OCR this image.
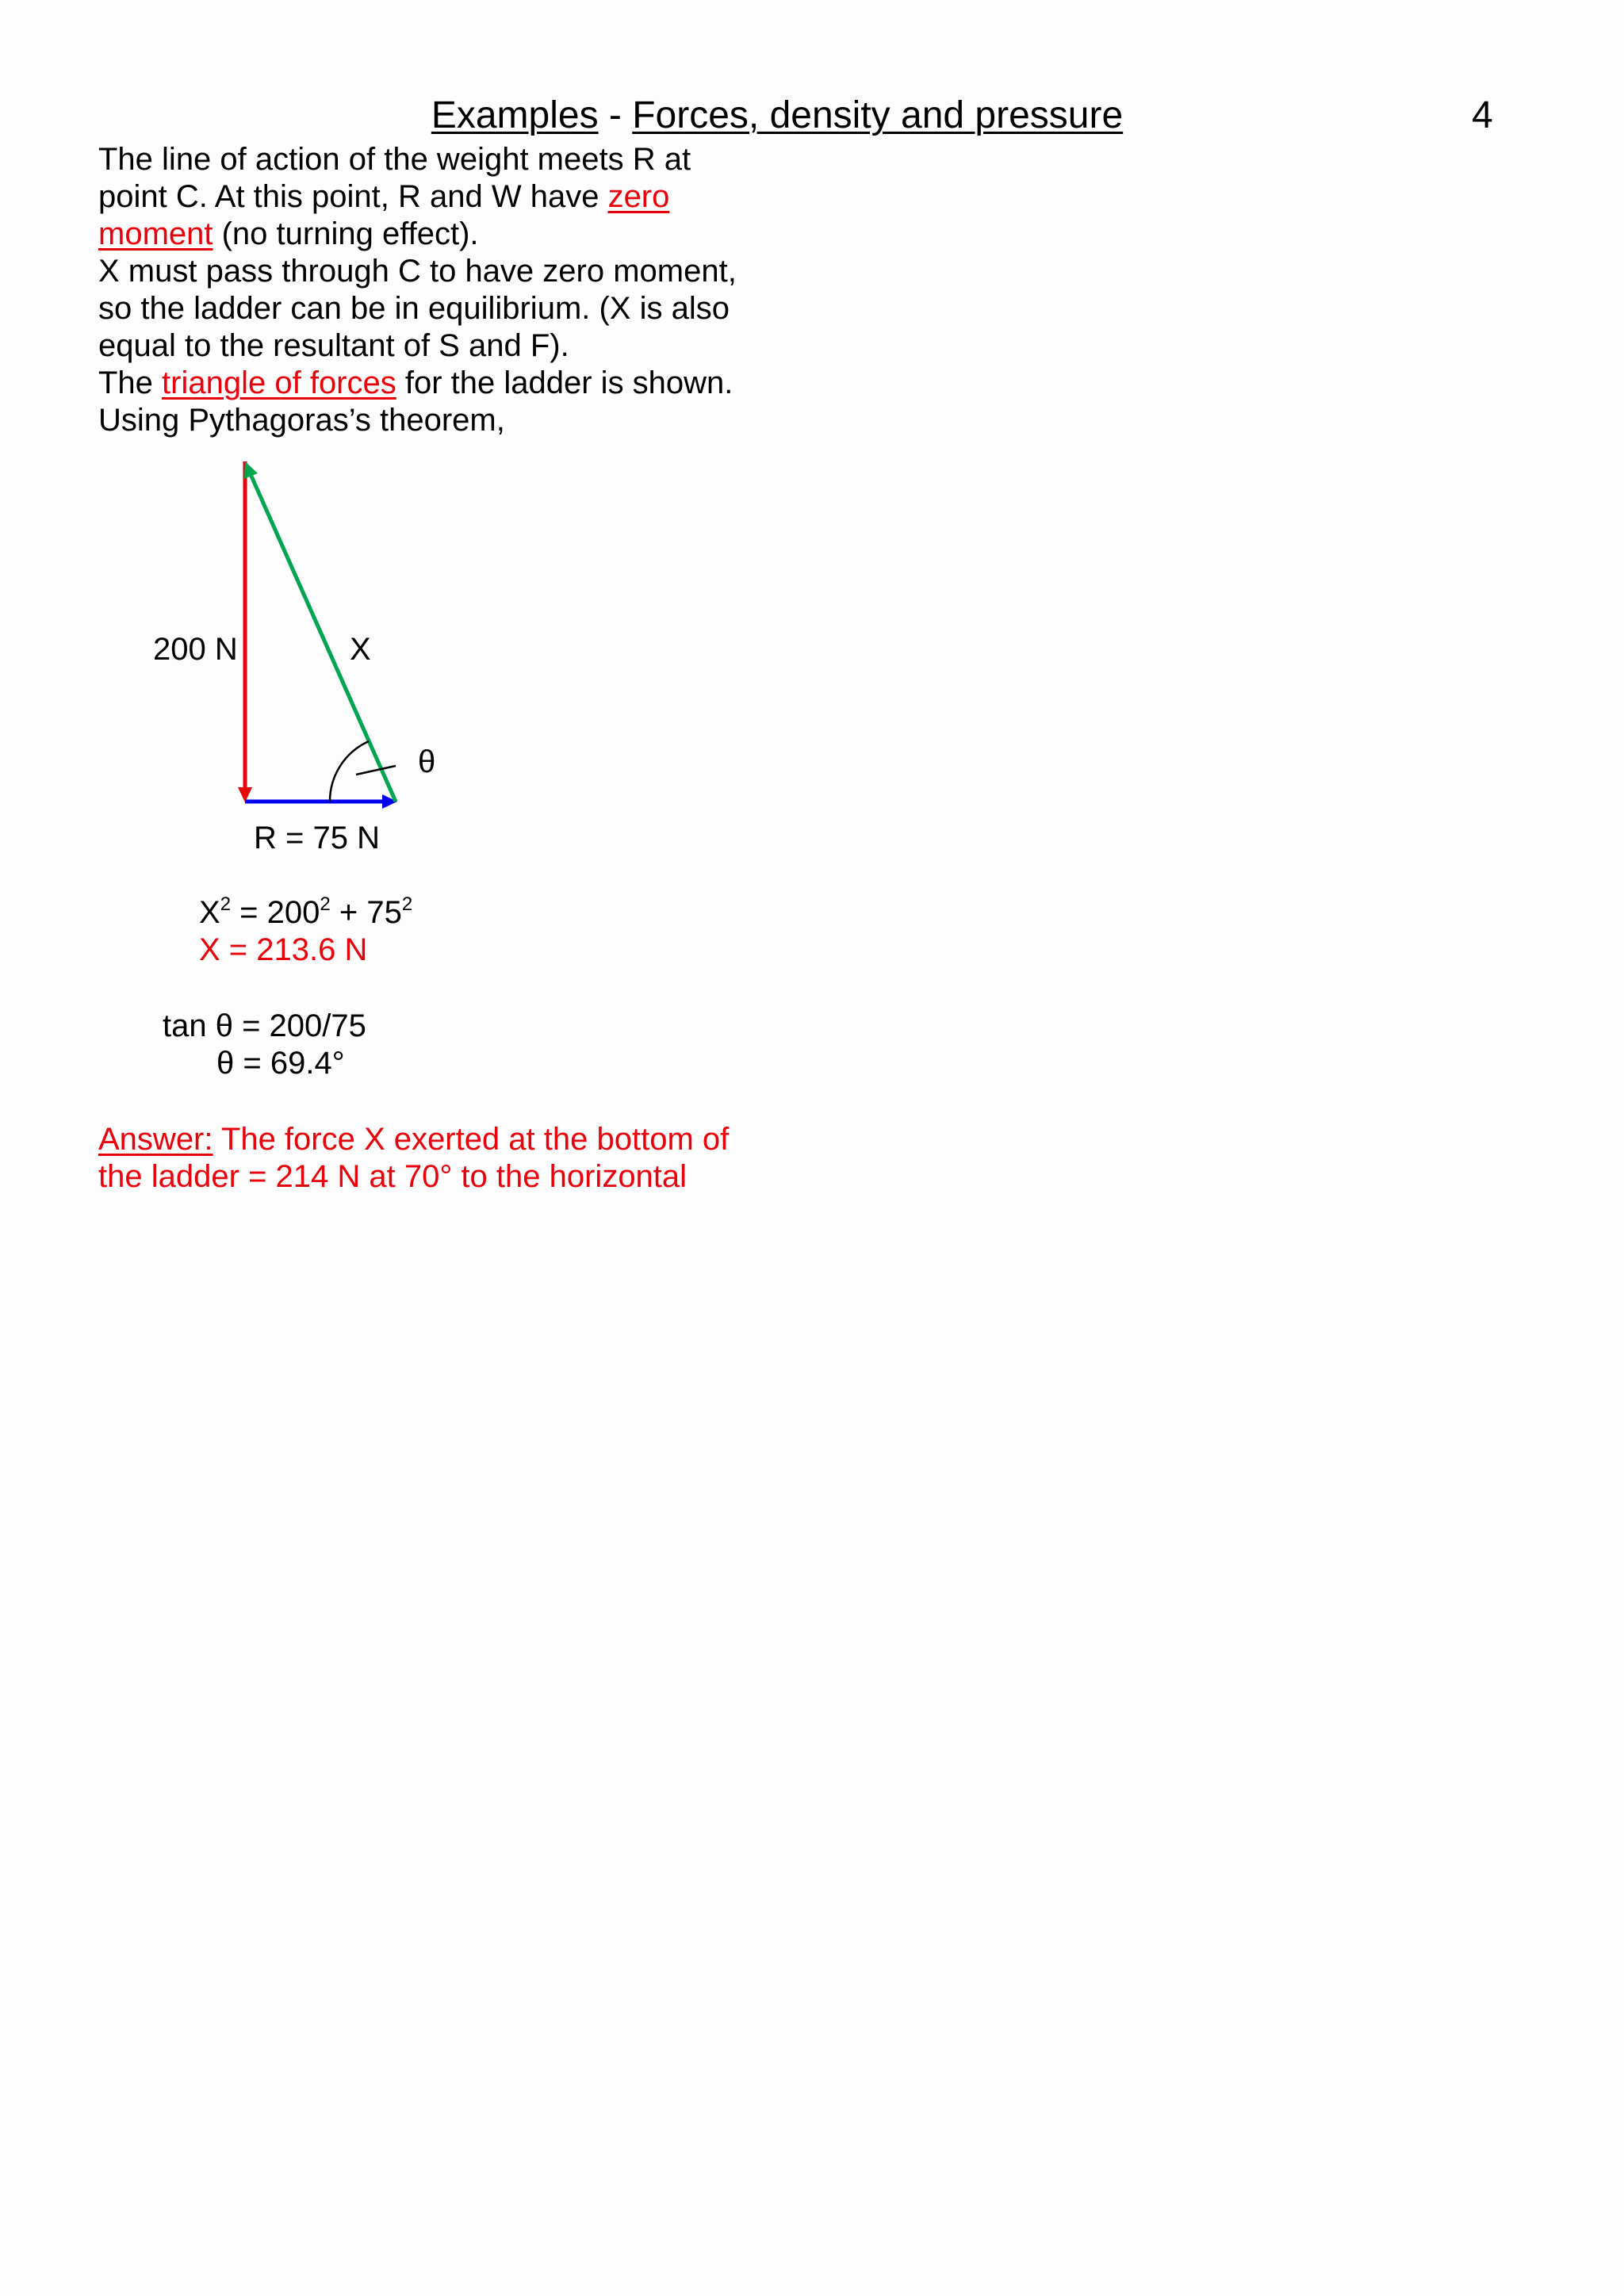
Examples - Forces, density and pressure	4
The line of action of the weight meets R at
point C. At this point, R and W have zero
moment (no turning effect).
X must pass through C to have zero moment,
so the ladder can be in equilibrium. (X is also
equal to the resultant of S and F).
The triangle of forces for the ladder is shown.
Using Pythagoras’s theorem,
200 N	X
θ
R = 75 N
$X^2 = 200^2 + 75^2$
X = 213.6 N
tan θ = 200/75
θ = 69.4°
Answer: The force X exerted at the bottom of
the ladder = 214 N at 70° to the horizontal
